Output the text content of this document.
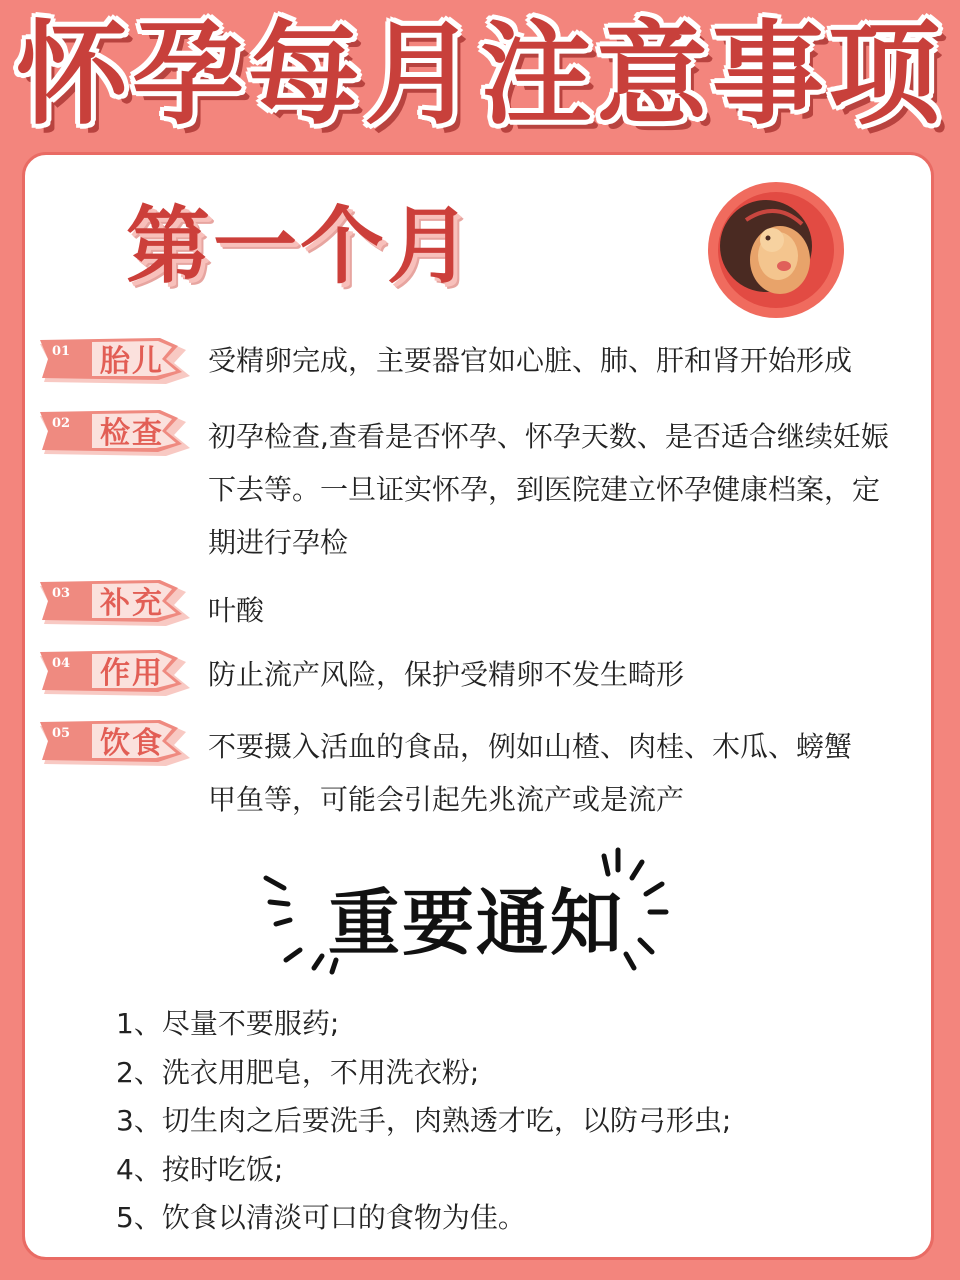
怀孕每月注意事项
第一个月
01 胎儿 受精卵完成，主要器官如心脏、肺、肝和肾开始形成
02 检查 初孕检查,查看是否怀孕、怀孕天数、是否适合继续妊娠
下去等。一旦证实怀孕，到医院建立怀孕健康档案，定
期进行孕检
03 补充 叶酸
04 作用 防止流产风险，保护受精卵不发生畸形
05 饮食 不要摄入活血的食品，例如山楂、肉桂、木瓜、螃蟹
甲鱼等，可能会引起先兆流产或是流产
重要通知
1、尽量不要服药;
2、洗衣用肥皂，不用洗衣粉;
3、切生肉之后要洗手，肉熟透才吃，以防弓形虫;
4、按时吃饭;
5、饮食以清淡可口的食物为佳。
